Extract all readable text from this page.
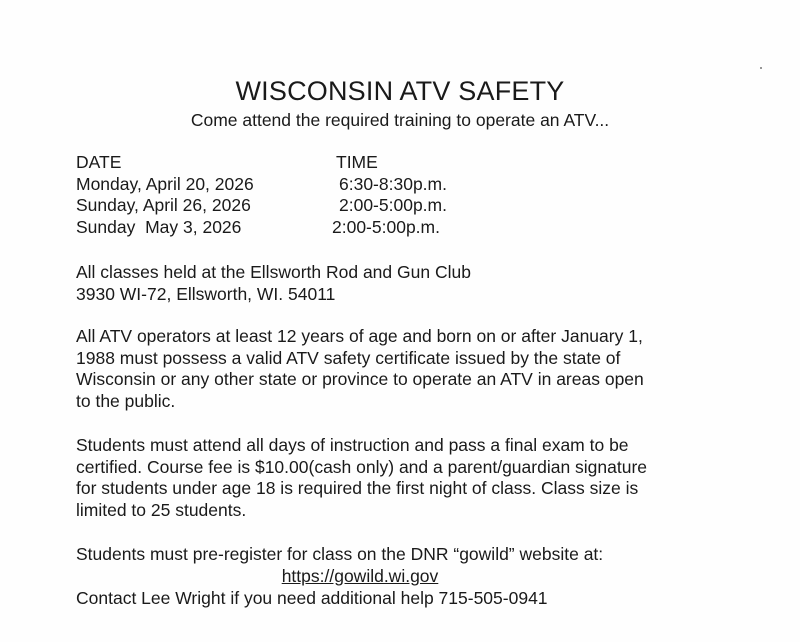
WISCONSIN ATV SAFETY

Come attend the required training to operate an ATV...

DATE	TIME
Monday, April 20, 2026	6:30-8:30p.m.
Sunday, April 26, 2026	2:00-5:00p.m.
Sunday  May 3, 2026	2:00-5:00p.m.
All classes held at the Ellsworth Rod and Gun Club
3930 WI-72, Ellsworth, WI. 54011
All ATV operators at least 12 years of age and born on or after January 1,
1988 must possess a valid ATV safety certificate issued by the state of
Wisconsin or any other state or province to operate an ATV in areas open
to the public.
Students must attend all days of instruction and pass a final exam to be
certified. Course fee is $10.00(cash only) and a parent/guardian signature
for students under age 18 is required the first night of class. Class size is
limited to 25 students.
Students must pre-register for class on the DNR “gowild” website at:
https://gowild.wi.gov
Contact Lee Wright if you need additional help 715-505-0941
